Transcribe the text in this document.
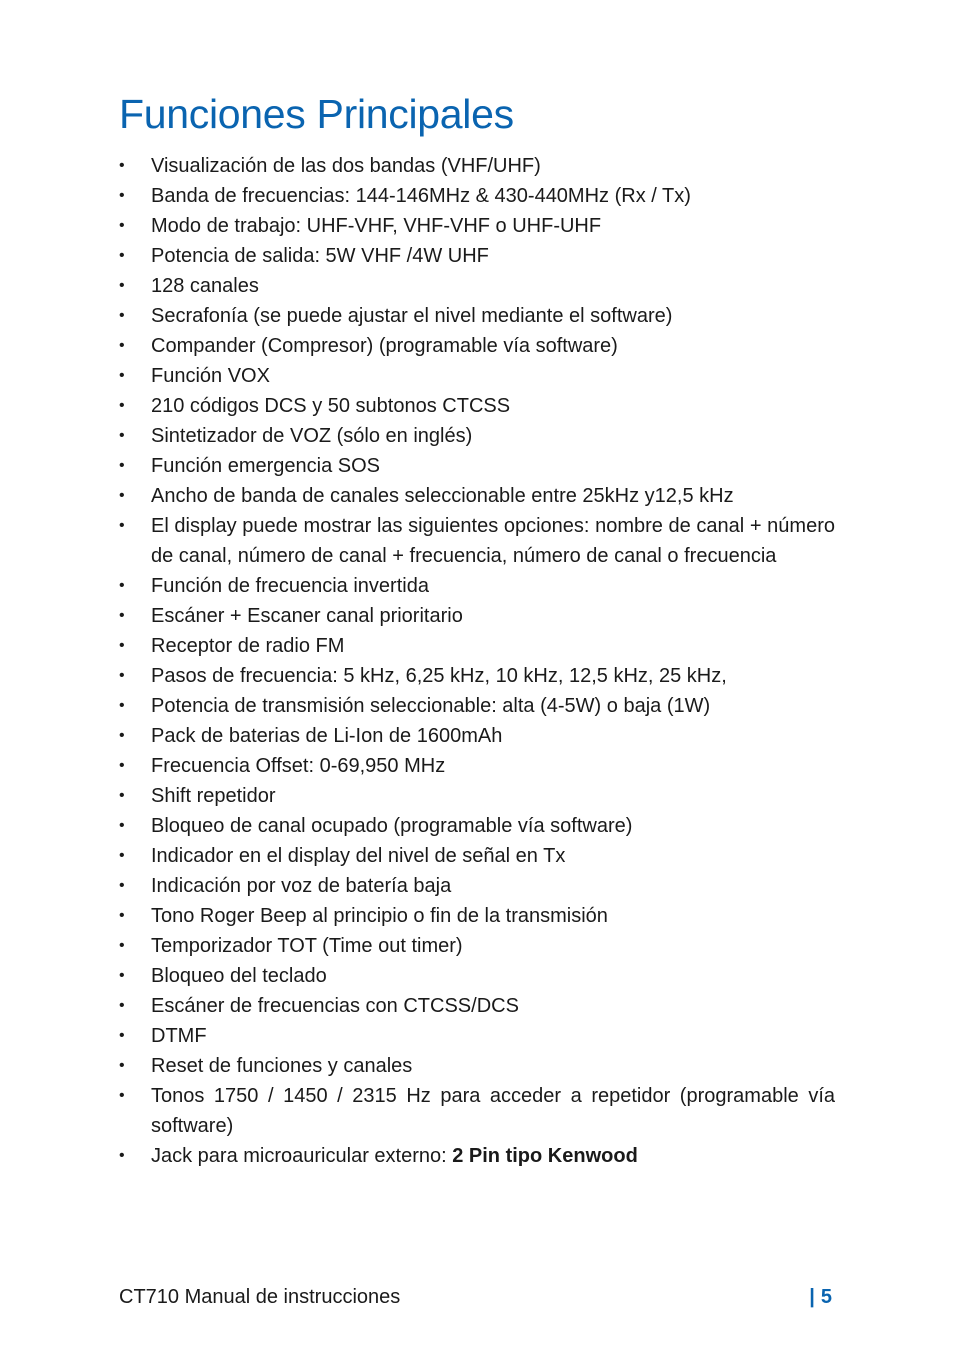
Funciones Principales
•	Visualización de las dos bandas (VHF/UHF)
•	Banda de frecuencias: 144-146MHz & 430-440MHz (Rx / Tx)
•	Modo de trabajo: UHF-VHF, VHF-VHF o UHF-UHF
•	Potencia de salida: 5W VHF /4W UHF
•	128 canales
•	Secrafonía (se puede ajustar el nivel mediante el software)
•	Compander (Compresor) (programable vía software)
•	Función VOX
•	210 códigos DCS y 50 subtonos CTCSS
•	Sintetizador de VOZ (sólo en inglés)
•	Función emergencia SOS
•	Ancho de banda de canales seleccionable entre 25kHz y12,5 kHz
•	El display puede mostrar las siguientes opciones: nombre de canal + número de canal, número de canal + frecuencia, número de canal o frecuencia
•	Función de frecuencia invertida
•	Escáner + Escaner canal prioritario
•	Receptor de radio FM
•	Pasos de frecuencia: 5 kHz, 6,25 kHz, 10 kHz, 12,5 kHz, 25 kHz,
•	Potencia de transmisión seleccionable: alta (4-5W) o baja (1W)
•	Pack de baterias de Li-Ion de 1600mAh
•	Frecuencia Offset: 0-69,950 MHz
•	Shift repetidor
•	Bloqueo de canal ocupado (programable vía software)
•	Indicador en el display del nivel de señal en Tx
•	Indicación por voz de batería baja
•	Tono Roger Beep al principio o fin de la transmisión
•	Temporizador TOT (Time out timer)
•	Bloqueo del teclado
•	Escáner de frecuencias con CTCSS/DCS
•	DTMF
•	Reset de funciones y canales
•	Tonos 1750 / 1450 / 2315 Hz para acceder a repetidor (programable vía software)
•	Jack para microauricular externo: 2 Pin tipo Kenwood
CT710 Manual de instrucciones	| 5
